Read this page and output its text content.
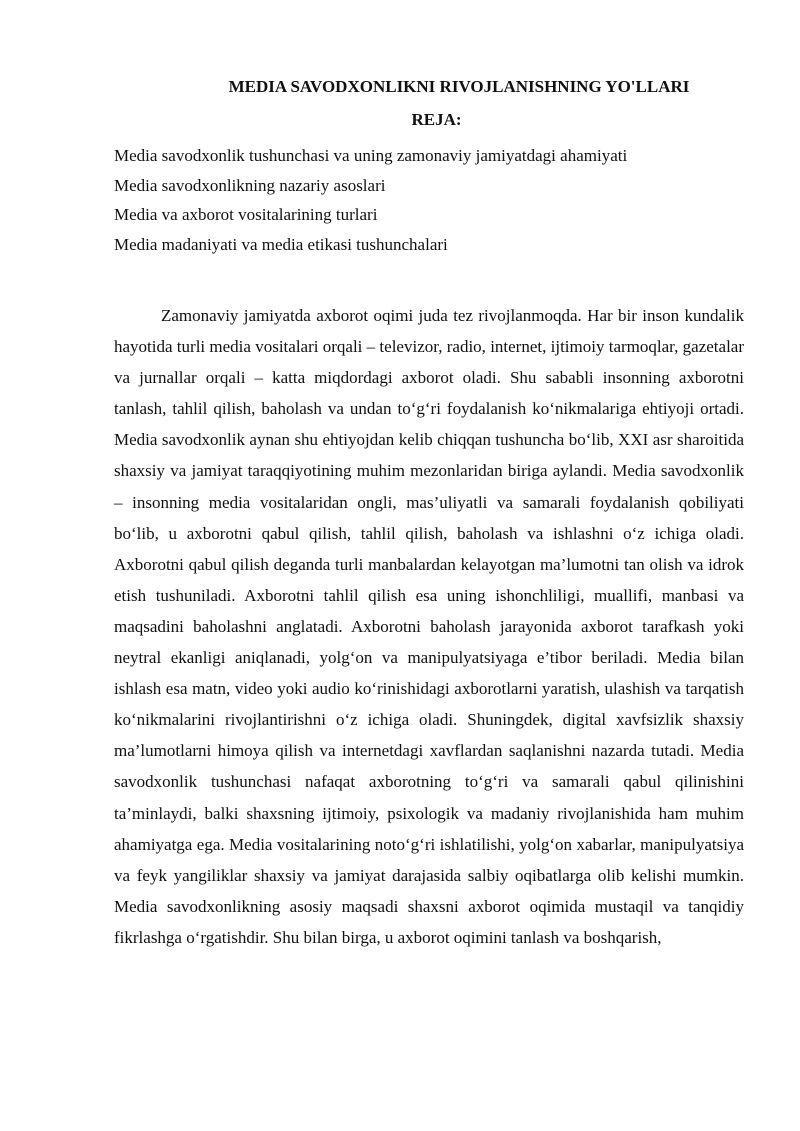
MEDIA SAVODXONLIKNI RIVOJLANISHNING YO'LLARI
REJA:
Media savodxonlik tushunchasi va uning zamonaviy jamiyatdagi ahamiyati
Media savodxonlikning nazariy asoslari
Media va axborot vositalarining turlari
Media madaniyati va media etikasi tushunchalari

Zamonaviy jamiyatda axborot oqimi juda tez rivojlanmoqda. Har bir inson kundalik hayotida turli media vositalari orqali – televizor, radio, internet, ijtimoiy tarmoqlar, gazetalar va jurnallar orqali – katta miqdordagi axborot oladi. Shu sababli insonning axborotni tanlash, tahlil qilish, baholash va undan to‘g‘ri foydalanish ko‘nikmalariga ehtiyoji ortadi. Media savodxonlik aynan shu ehtiyojdan kelib chiqqan tushuncha bo‘lib, XXI asr sharoitida shaxsiy va jamiyat taraqqiyotining muhim mezonlaridan biriga aylandi. Media savodxonlik – insonning media vositalaridan ongli, mas’uliyatli va samarali foydalanish qobiliyati bo‘lib, u axborotni qabul qilish, tahlil qilish, baholash va ishlashni o‘z ichiga oladi. Axborotni qabul qilish deganda turli manbalardan kelayotgan ma’lumotni tan olish va idrok etish tushuniladi. Axborotni tahlil qilish esa uning ishonchliligi, muallifi, manbasi va maqsadini baholashni anglatadi. Axborotni baholash jarayonida axborot tarafkash yoki neytral ekanligi aniqlanadi, yolg‘on va manipulyatsiyaga e’tibor beriladi. Media bilan ishlash esa matn, video yoki audio ko‘rinishidagi axborotlarni yaratish, ulashish va tarqatish ko‘nikmalarini rivojlantirishni o‘z ichiga oladi. Shuningdek, digital xavfsizlik shaxsiy ma’lumotlarni himoya qilish va internetdagi xavflardan saqlanishni nazarda tutadi. Media savodxonlik tushunchasi nafaqat axborotning to‘g‘ri va samarali qabul qilinishini ta’minlaydi, balki shaxsning ijtimoiy, psixologik va madaniy rivojlanishida ham muhim ahamiyatga ega. Media vositalarining noto‘g‘ri ishlatilishi, yolg‘on xabarlar, manipulyatsiya va feyk yangiliklar shaxsiy va jamiyat darajasida salbiy oqibatlarga olib kelishi mumkin. Media savodxonlikning asosiy maqsadi shaxsni axborot oqimida mustaqil va tanqidiy fikrlashga o‘rgatishdir. Shu bilan birga, u axborot oqimini tanlash va boshqarish,
